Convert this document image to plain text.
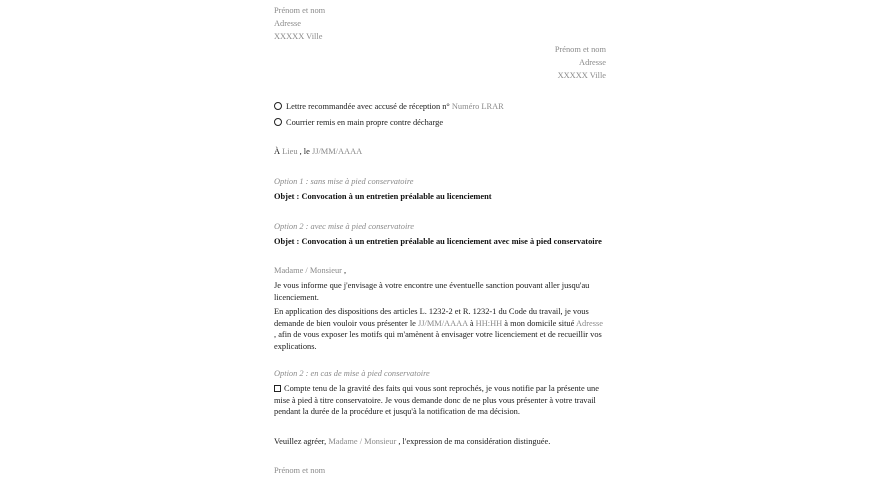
Prénom et nom
Adresse
XXXXX Ville
Prénom et nom
Adresse
XXXXX Ville
Lettre recommandée avec accusé de réception n° Numéro LRAR
Courrier remis en main propre contre décharge
À Lieu , le JJ/MM/AAAA
Option 1 : sans mise à pied conservatoire
Objet : Convocation à un entretien préalable au licenciement
Option 2 : avec mise à pied conservatoire
Objet : Convocation à un entretien préalable au licenciement avec mise à pied conservatoire
Madame / Monsieur ,
Je vous informe que j'envisage à votre encontre une éventuelle sanction pouvant aller jusqu'au licenciement.
En application des dispositions des articles L. 1232-2 et R. 1232-1 du Code du travail, je vous demande de bien vouloir vous présenter le JJ/MM/AAAA à HH:HH à mon domicile situé Adresse , afin de vous exposer les motifs qui m'amènent à envisager votre licenciement et de recueillir vos explications.
Option 2 : en cas de mise à pied conservatoire
Compte tenu de la gravité des faits qui vous sont reprochés, je vous notifie par la présente une mise à pied à titre conservatoire. Je vous demande donc de ne plus vous présenter à votre travail pendant la durée de la procédure et jusqu'à la notification de ma décision.
Veuillez agréer, Madame / Monsieur , l'expression de ma considération distinguée.
Prénom et nom
